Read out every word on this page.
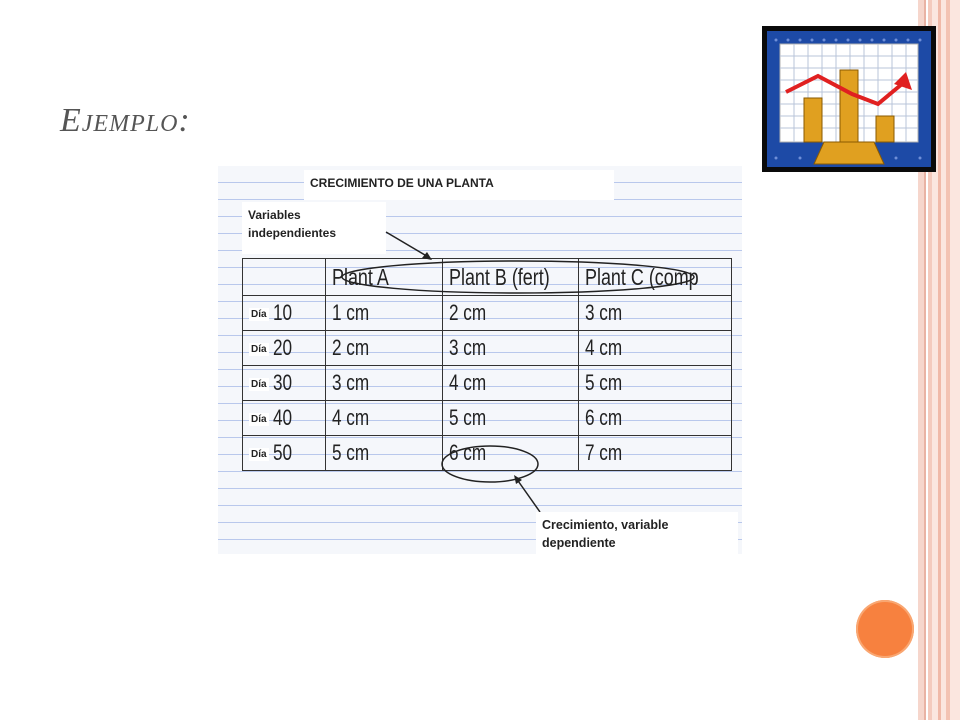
Ejemplo:
CRECIMIENTO DE UNA PLANTA
Variables independientes
	Plant A	Plant B (fert)	Plant C (comp
Día 10	1 cm	2 cm	3 cm
Día 20	2 cm	3 cm	4 cm
Día 30	3 cm	4 cm	5 cm
Día 40	4 cm	5 cm	6 cm
Día 50	5 cm	6 cm	7 cm
Crecimiento, variable dependiente
